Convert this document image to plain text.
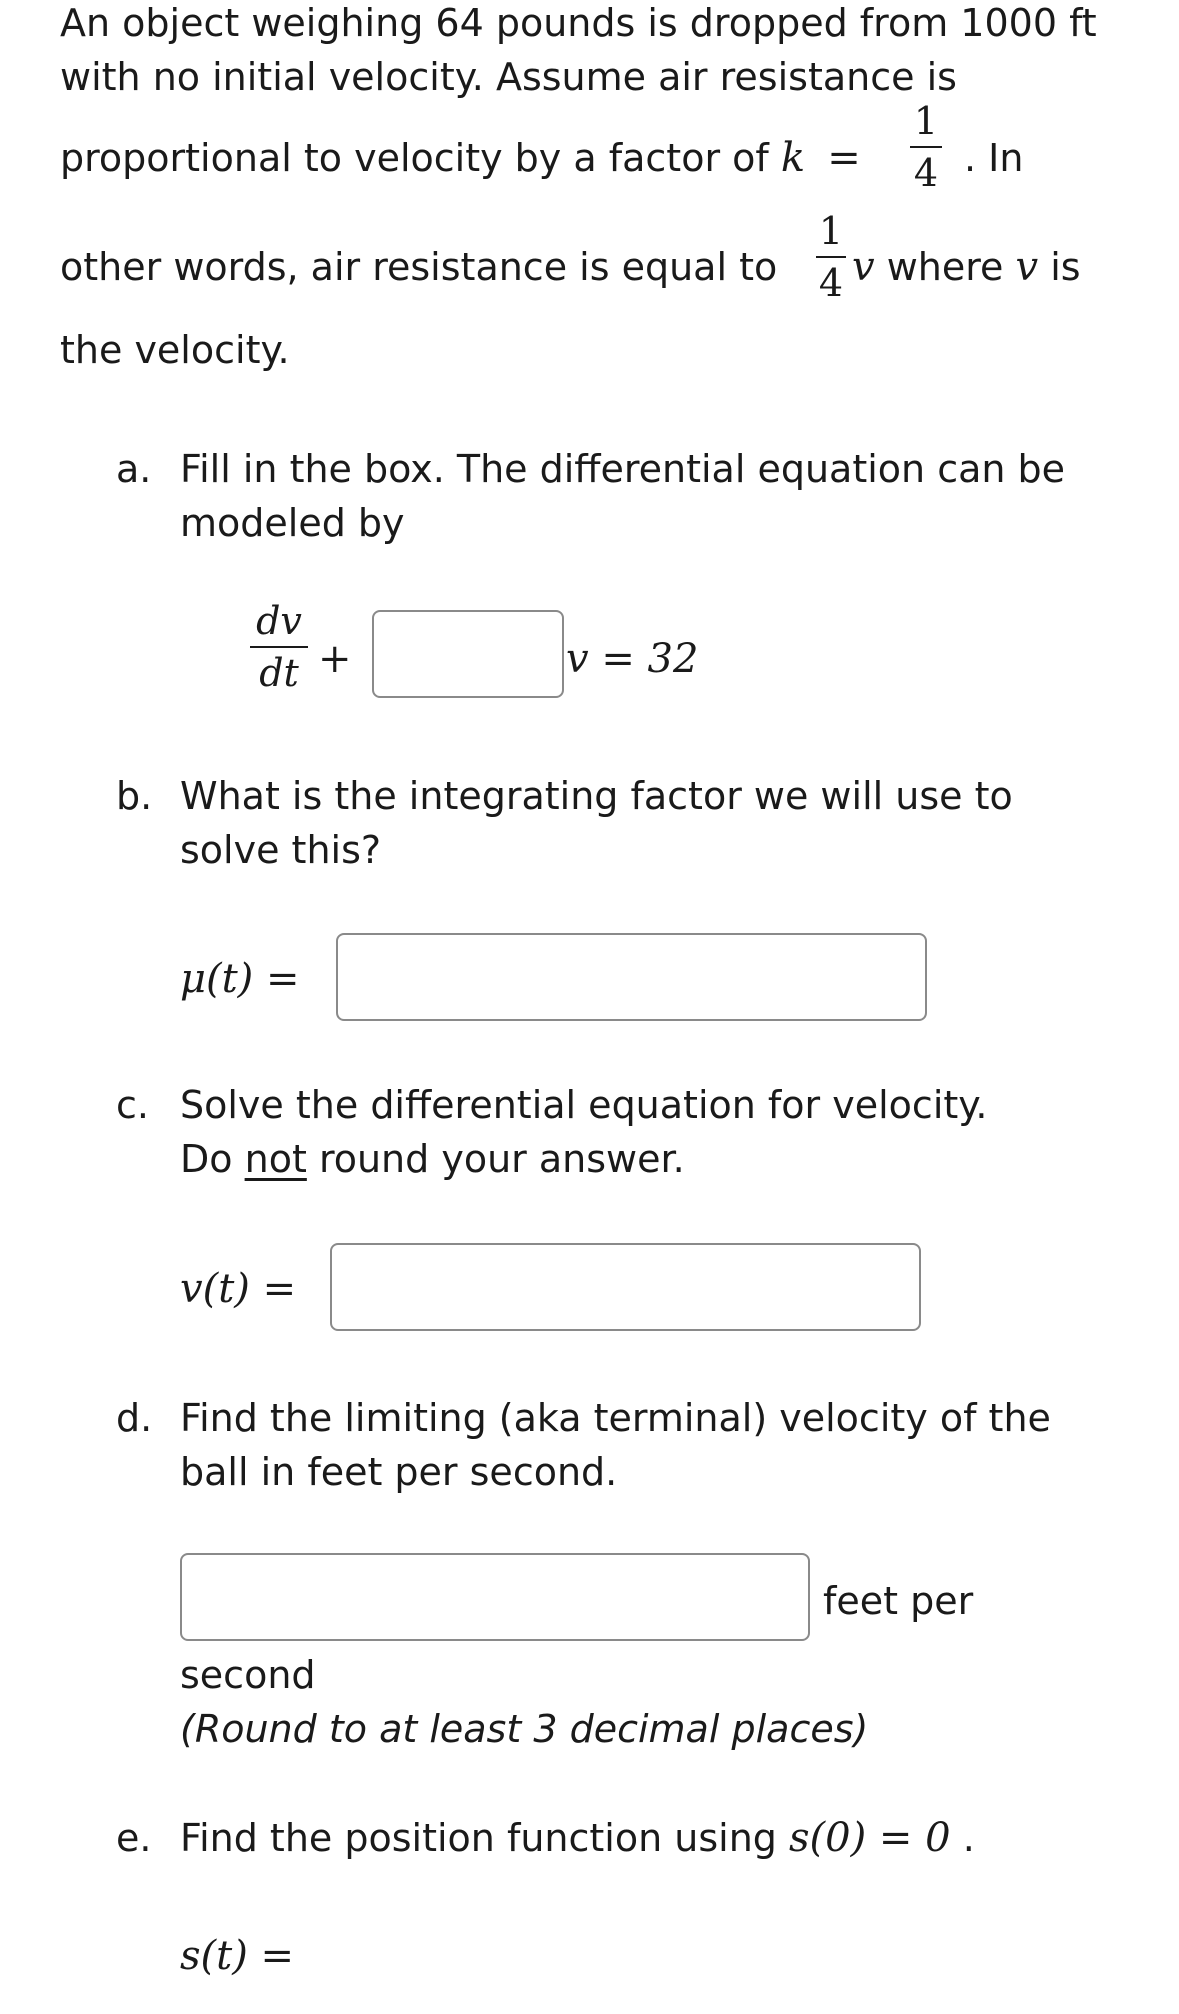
An object weighing 64 pounds is dropped from 1000 ft
with no initial velocity. Assume air resistance is
proportional to velocity by a factor of k =
1
4 . In
other words, air resistance is equal to
1
4 v where v is
the velocity.
a. Fill in the box. The differential equation can be
modeled by
dv
dt +	v = 32
b. What is the integrating factor we will use to
solve this?
μ(t) =
c. Solve the differential equation for velocity.
Do not round your answer.
v(t) =
d. Find the limiting (aka terminal) velocity of the
ball in feet per second.
feet per
second
(Round to at least 3 decimal places)
e. Find the position function using s(0) = 0 .
s(t) =
